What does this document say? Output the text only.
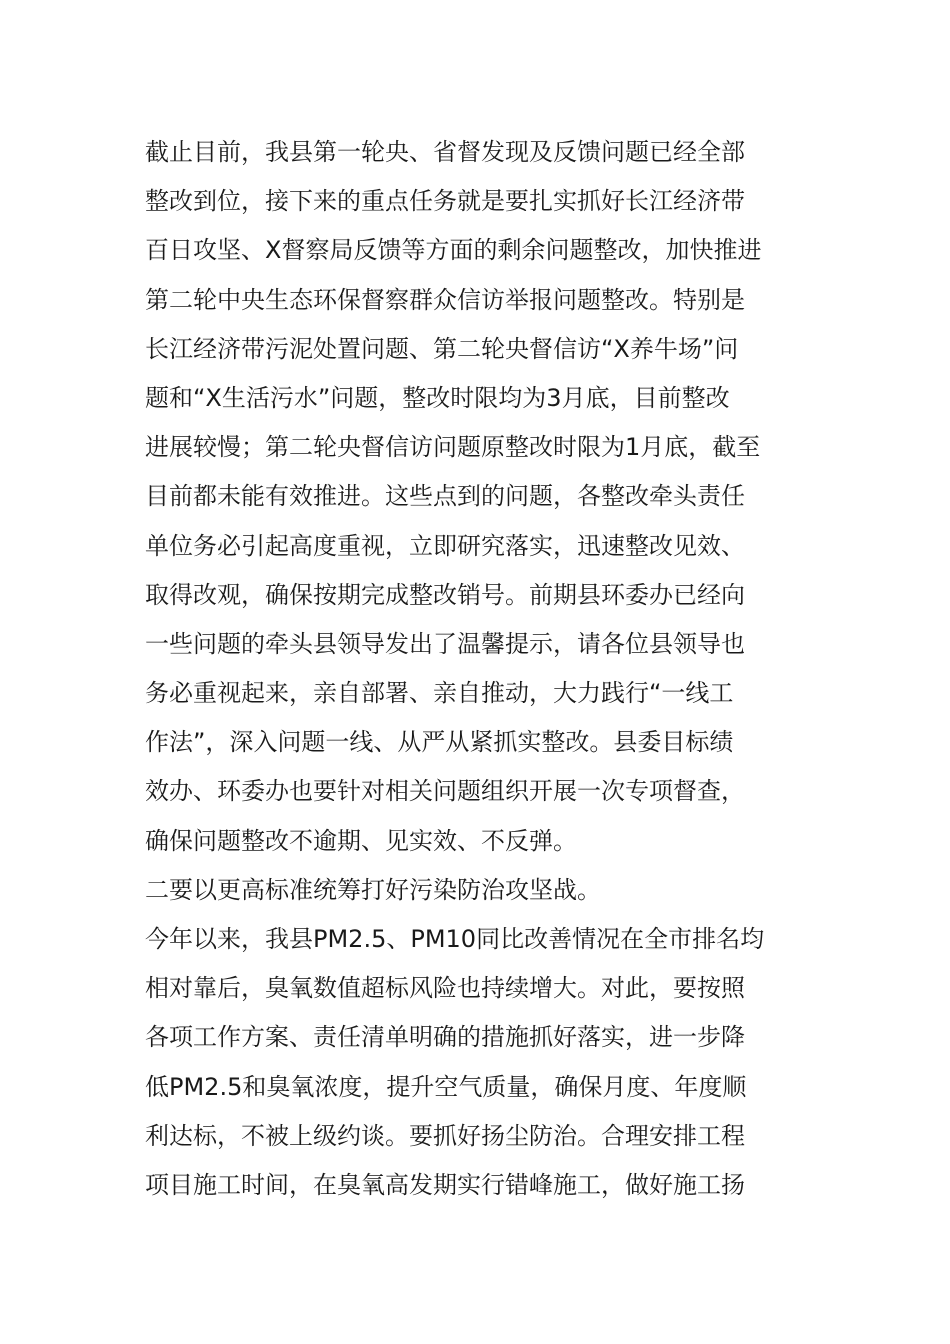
截止目前，我县第一轮央、省督发现及反馈问题已经全部
整改到位，接下来的重点任务就是要扎实抓好长江经济带
百日攻坚、X督察局反馈等方面的剩余问题整改，加快推进
第二轮中央生态环保督察群众信访举报问题整改。特别是
长江经济带污泥处置问题、第二轮央督信访“X养牛场”问
题和“X生活污水”问题，整改时限均为3月底，目前整改
进展较慢；第二轮央督信访问题原整改时限为1月底，截至
目前都未能有效推进。这些点到的问题，各整改牵头责任
单位务必引起高度重视，立即研究落实，迅速整改见效、
取得改观，确保按期完成整改销号。前期县环委办已经向
一些问题的牵头县领导发出了温馨提示，请各位县领导也
务必重视起来，亲自部署、亲自推动，大力践行“一线工
作法”，深入问题一线、从严从紧抓实整改。县委目标绩
效办、环委办也要针对相关问题组织开展一次专项督查，
确保问题整改不逾期、见实效、不反弹。
二要以更高标准统筹打好污染防治攻坚战。
今年以来，我县PM2.5、PM10同比改善情况在全市排名均
相对靠后，臭氧数值超标风险也持续增大。对此，要按照
各项工作方案、责任清单明确的措施抓好落实，进一步降
低PM2.5和臭氧浓度，提升空气质量，确保月度、年度顺
利达标，不被上级约谈。要抓好扬尘防治。合理安排工程
项目施工时间，在臭氧高发期实行错峰施工，做好施工扬
